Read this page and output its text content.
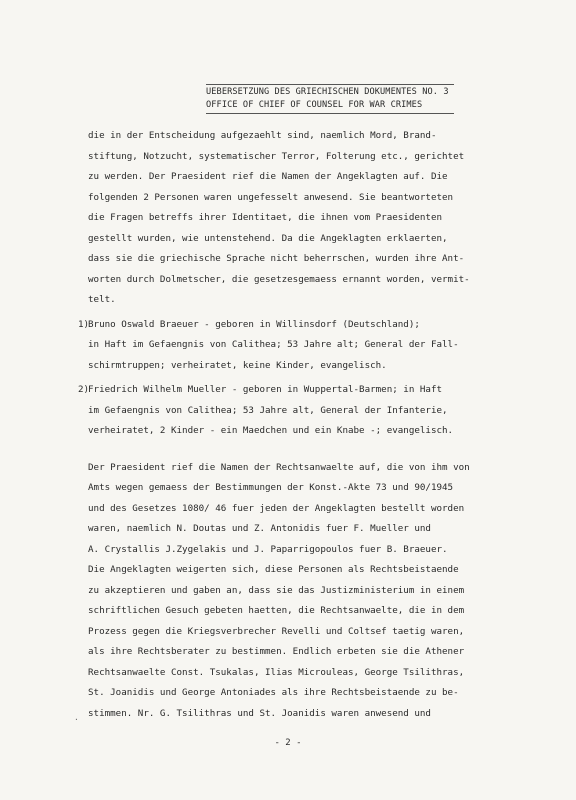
UEBERSETZUNG DES GRIECHISCHEN DOKUMENTES NO. 3
OFFICE OF CHIEF OF COUNSEL FOR WAR CRIMES
die in der Entscheidung aufgezaehlt sind, naemlich Mord, Brand-
stiftung, Notzucht, systematischer Terror, Folterung etc., gerichtet
zu werden. Der Praesident rief die Namen der Angeklagten auf. Die
folgenden 2 Personen waren ungefesselt anwesend. Sie beantworteten
die Fragen betreffs ihrer Identitaet, die ihnen vom Praesidenten
gestellt wurden, wie untenstehend. Da die Angeklagten erklaerten,
dass sie die griechische Sprache nicht beherrschen, wurden ihre Ant-
worten durch Dolmetscher, die gesetzesgemaess ernannt worden, vermit-
telt.
1)
Bruno Oswald Braeuer - geboren in Willinsdorf (Deutschland);
in Haft im Gefaengnis von Calithea; 53 Jahre alt; General der Fall-
schirmtruppen; verheiratet, keine Kinder, evangelisch.
2)
Friedrich Wilhelm Mueller - geboren in Wuppertal-Barmen; in Haft
im Gefaengnis von Calithea; 53 Jahre alt, General der Infanterie,
verheiratet, 2 Kinder - ein Maedchen und ein Knabe -; evangelisch.
Der Praesident rief die Namen der Rechtsanwaelte auf, die von ihm von
Amts wegen gemaess der Bestimmungen der Konst.-Akte 73 und 90/1945
und des Gesetzes 1080/ 46 fuer jeden der Angeklagten bestellt worden
waren, naemlich N. Doutas und Z. Antonidis fuer F. Mueller und
A. Crystallis J.Zygelakis und J. Paparrigopoulos fuer B. Braeuer.
Die Angeklagten weigerten sich, diese Personen als Rechtsbeistaende
zu akzeptieren und gaben an, dass sie das Justizministerium in einem
schriftlichen Gesuch gebeten haetten, die Rechtsanwaelte, die in dem
Prozess gegen die Kriegsverbrecher Revelli und Coltsef taetig waren,
als ihre Rechtsberater zu bestimmen. Endlich erbeten sie die Athener
Rechtsanwaelte Const. Tsukalas, Ilias Microuleas, George Tsilithras,
St. Joanidis und George Antoniades als ihre Rechtsbeistaende zu be-
stimmen. Nr. G. Tsilithras und St. Joanidis waren anwesend und
·
- 2 -
